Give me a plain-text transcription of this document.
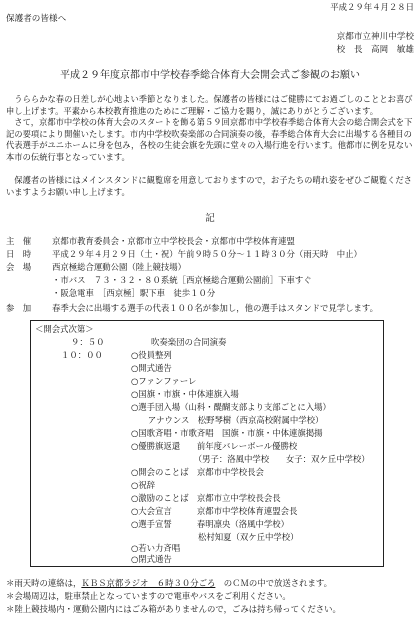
平成２９年４月２８日
保護者の皆様へ
京都市立神川中学校
校　長　高岡　敏雄
平成２９年度京都市中学校春季総合体育大会開会式ご参観のお願い
　うららかな春の日差しが心地よい季節となりました。保護者の皆様にはご健勝にてお過ごしのこととお喜び
申し上げます。平素から本校教育推進のためにご理解・ご協力を賜り，誠にありがとうございます。
　さて，京都市中学校の体育大会のスタートを飾る第５９回京都市中学校春季総合体育大会の総合開会式を下
記の要項により開催いたします。市内中学校吹奏楽部の合同演奏の後，春季総合体育大会に出場する各種目の
代表選手がユニホームに身を包み，各校の生徒会旗を先頭に堂々の入場行進を行います。他都市に例を見ない
本市の伝統行事となっています。
　保護者の皆様にはメインスタンドに観覧席を用意しておりますので，お子たちの晴れ姿をぜひご観覧くださ
いますようお願い申し上げます。
記
主　催 京都市教育委員会・京都市立中学校長会・京都市中学校体育連盟
日　時 平成２９年４月２９日（土・祝）午前９時５０分～１１時３０分（雨天時　中止）
会　場 西京極総合運動公園（陸上競技場）
・市バス　７３・３２・８０系統［西京極総合運動公園前］下車すぐ
・阪急電車　［西京極］駅下車　徒歩１０分
参　加 春季大会に出場する選手の代表１００名が参加し，他の選手はスタンドで見学します。
＜開会式次第＞
９：５０	吹奏楽団の合同演奏
１０：００	○役員整列
○開式通告
○ファンファーレ
○国旗・市旗・中体連旗入場
○選手団入場（山科・醍醐支部より支部ごとに入場）
　　アナウンス　松野琴樹（西京高校附属中学校）
○国歌斉唱・市歌斉唱　国旗・市旗・中体連旗掲揚
○優勝旗返還　　前年度バレーボール優勝校
　　　　　　　　（男子：洛風中学校　　女子：双ケ丘中学校）
○開会のことば　京都市中学校長会
○祝辞
○激励のことば　京都市立中学校長会長
○大会宣言　　　京都市中学校体育連盟会長
○選手宣誓　　　春明凛央（洛風中学校）
　　　　　　　　松村知夏（双ケ丘中学校）
○若い力斉唱
○閉式通告
＊雨天時の連絡は，ＫＢＳ京都ラジオ　６時３０分ごろ　のＣＭの中で放送されます。
＊会場周辺は，駐車禁止となっていますので電車やバスをご利用ください。
＊陸上競技場内・運動公園内にはごみ箱がありませんので，ごみは持ち帰ってください。
